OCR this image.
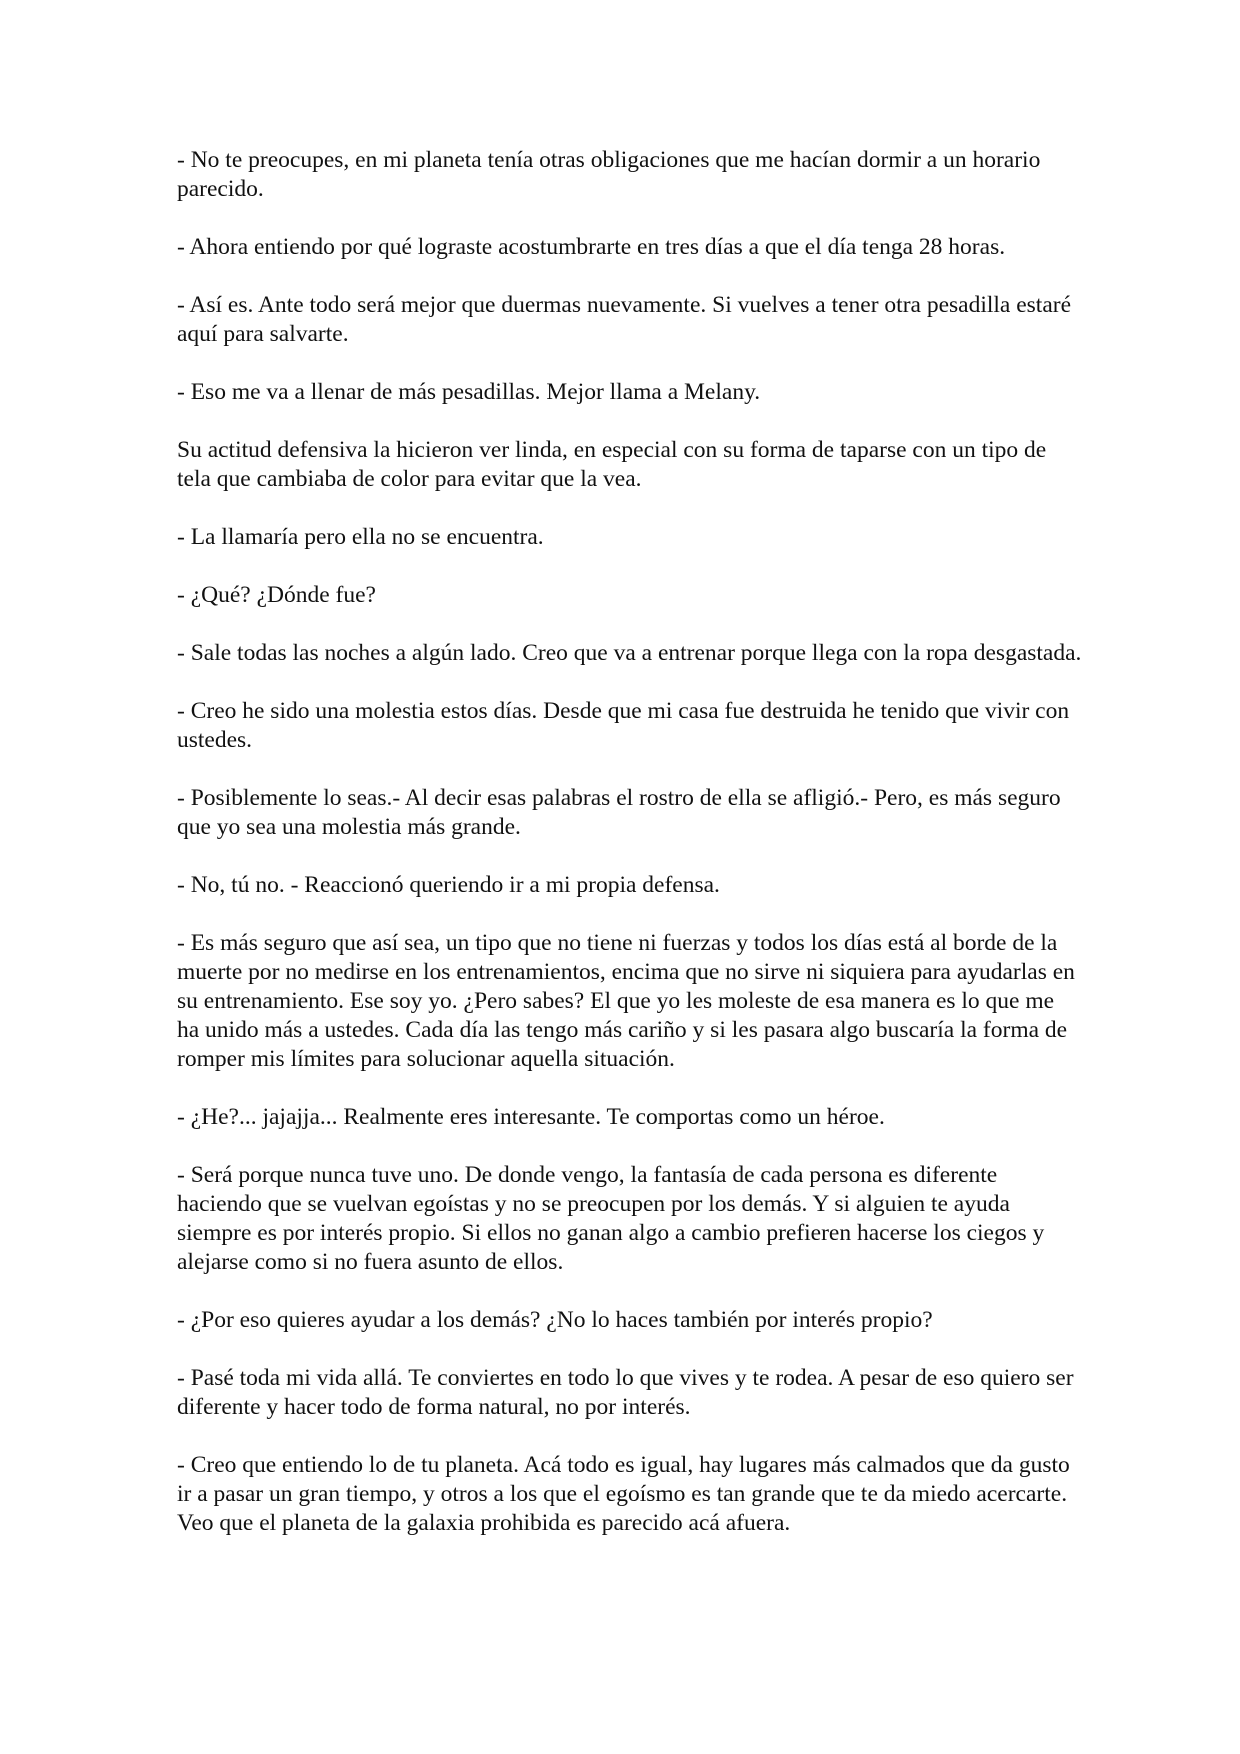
- No te preocupes, en mi planeta tenía otras obligaciones que me hacían dormir a un horario parecido.

- Ahora entiendo por qué lograste acostumbrarte en tres días a que el día tenga 28 horas.

- Así es. Ante todo será mejor que duermas nuevamente. Si vuelves a tener otra pesadilla estaré aquí para salvarte.

- Eso me va a llenar de más pesadillas. Mejor llama a Melany.

Su actitud defensiva la hicieron ver linda, en especial con su forma de taparse con un tipo de tela que cambiaba de color para evitar que la vea.

- La llamaría pero ella no se encuentra.

- ¿Qué? ¿Dónde fue?

- Sale todas las noches a algún lado. Creo que va a entrenar porque llega con la ropa desgastada.

- Creo he sido una molestia estos días. Desde que mi casa fue destruida he tenido que vivir con ustedes.

- Posiblemente lo seas.- Al decir esas palabras el rostro de ella se afligió.- Pero, es más seguro que yo sea una molestia más grande.

- No, tú no. - Reaccionó queriendo ir a mi propia defensa.

- Es más seguro que así sea, un tipo que no tiene ni fuerzas y todos los días está al borde de la muerte por no medirse en los entrenamientos, encima que no sirve ni siquiera para ayudarlas en su entrenamiento. Ese soy yo. ¿Pero sabes? El que yo les moleste de esa manera es lo que me ha unido más a ustedes. Cada día las tengo más cariño y si les pasara algo buscaría la forma de romper mis límites para solucionar aquella situación.

- ¿He?... jajajja... Realmente eres interesante. Te comportas como un héroe.

- Será porque nunca tuve uno. De donde vengo, la fantasía de cada persona es diferente haciendo que se vuelvan egoístas y no se preocupen por los demás. Y si alguien te ayuda siempre es por interés propio. Si ellos no ganan algo a cambio prefieren hacerse los ciegos y alejarse como si no fuera asunto de ellos.

- ¿Por eso quieres ayudar a los demás? ¿No lo haces también por interés propio?

- Pasé toda mi vida allá. Te conviertes en todo lo que vives y te rodea. A pesar de eso quiero ser diferente y hacer todo de forma natural, no por interés.

- Creo que entiendo lo de tu planeta. Acá todo es igual, hay lugares más calmados que da gusto ir a pasar un gran tiempo, y otros a los que el egoísmo es tan grande que te da miedo acercarte. Veo que el planeta de la galaxia prohibida es parecido acá afuera.
